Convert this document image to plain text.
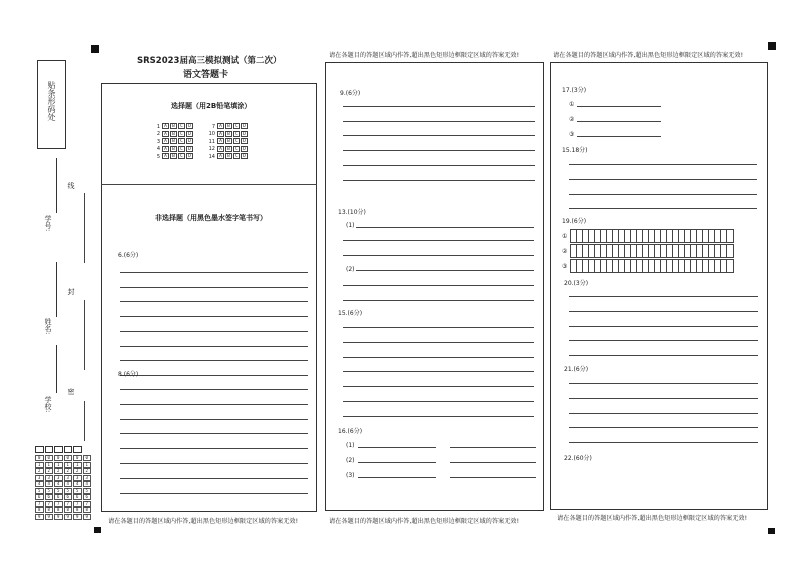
贴条形码处
学号:
姓名:
学校:
线
封
密
0	0	0	0	0	0
1	1	1	1	1	1
2	2	2	2	2	2
3	3	3	3	3	3
4	4	4	4	4	4
5	5	5	5	5	5
6	6	6	6	6	6
7	7	7	7	7	7
8	8	8	8	8	8
9	9	9	9	9	9
SRS2023届高三模拟测试（第二次）
语文答题卡
选择题（用2B铅笔填涂）
1 A B C D
2 A B C D
3 A B C D
4 A B C D
5 A B C D
7 A B C D
10 A B C D
11 A B C D
12 A B C D
14 A B C D
非选择题（用黑色墨水签字笔书写）
6.(6分)
8.(6分)
请在各题目的答题区域内作答,超出黑色矩形边框限定区域的答案无效!
请在各题目的答题区域内作答,超出黑色矩形边框限定区域的答案无效!
9.(6分)
13.(10分)
(1)
(2)
15.(6分)
16.(6分)
(1)
(2)
(3)
请在各题目的答题区域内作答,超出黑色矩形边框限定区域的答案无效!
请在各题目的答题区域内作答,超出黑色矩形边框限定区域的答案无效!
17.(3分)
①
②
③
15.18分)
19.(6分)
①
②
③
20.(3分)
21.(6分)
22.(60分)
请在各题目的答题区域内作答,超出黑色矩形边框限定区域的答案无效!
